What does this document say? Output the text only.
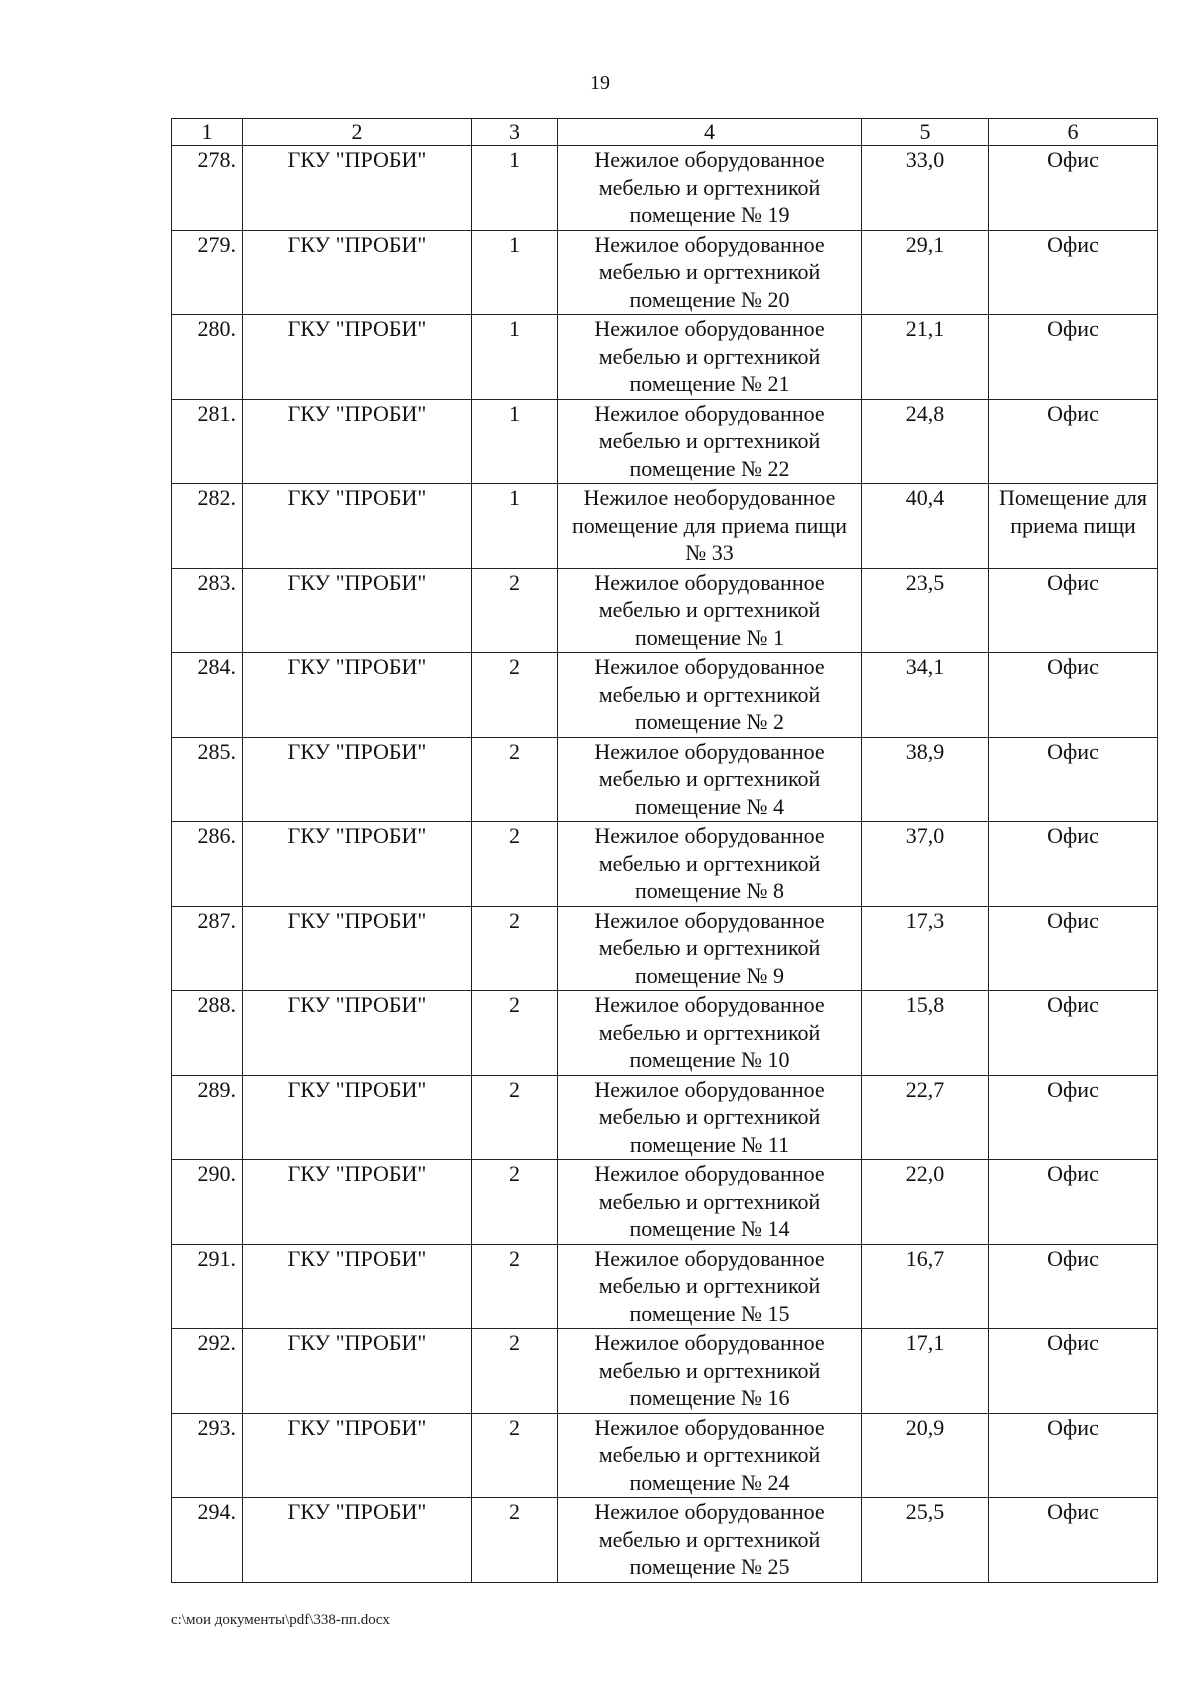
19
1	2	3	4	5	6
278.	ГКУ "ПРОБИ"	1	Нежилое оборудованное мебелью и оргтехникой помещение № 19	33,0	Офис
279.	ГКУ "ПРОБИ"	1	Нежилое оборудованное мебелью и оргтехникой помещение № 20	29,1	Офис
280.	ГКУ "ПРОБИ"	1	Нежилое оборудованное мебелью и оргтехникой помещение № 21	21,1	Офис
281.	ГКУ "ПРОБИ"	1	Нежилое оборудованное мебелью и оргтехникой помещение № 22	24,8	Офис
282.	ГКУ "ПРОБИ"	1	Нежилое необорудованное помещение для приема пищи № 33	40,4	Помещение для приема пищи
283.	ГКУ "ПРОБИ"	2	Нежилое оборудованное мебелью и оргтехникой помещение № 1	23,5	Офис
284.	ГКУ "ПРОБИ"	2	Нежилое оборудованное мебелью и оргтехникой помещение № 2	34,1	Офис
285.	ГКУ "ПРОБИ"	2	Нежилое оборудованное мебелью и оргтехникой помещение № 4	38,9	Офис
286.	ГКУ "ПРОБИ"	2	Нежилое оборудованное мебелью и оргтехникой помещение № 8	37,0	Офис
287.	ГКУ "ПРОБИ"	2	Нежилое оборудованное мебелью и оргтехникой помещение № 9	17,3	Офис
288.	ГКУ "ПРОБИ"	2	Нежилое оборудованное мебелью и оргтехникой помещение № 10	15,8	Офис
289.	ГКУ "ПРОБИ"	2	Нежилое оборудованное мебелью и оргтехникой помещение № 11	22,7	Офис
290.	ГКУ "ПРОБИ"	2	Нежилое оборудованное мебелью и оргтехникой помещение № 14	22,0	Офис
291.	ГКУ "ПРОБИ"	2	Нежилое оборудованное мебелью и оргтехникой помещение № 15	16,7	Офис
292.	ГКУ "ПРОБИ"	2	Нежилое оборудованное мебелью и оргтехникой помещение № 16	17,1	Офис
293.	ГКУ "ПРОБИ"	2	Нежилое оборудованное мебелью и оргтехникой помещение № 24	20,9	Офис
294.	ГКУ "ПРОБИ"	2	Нежилое оборудованное мебелью и оргтехникой помещение № 25	25,5	Офис
c:\мои документы\pdf\338-пп.docx
